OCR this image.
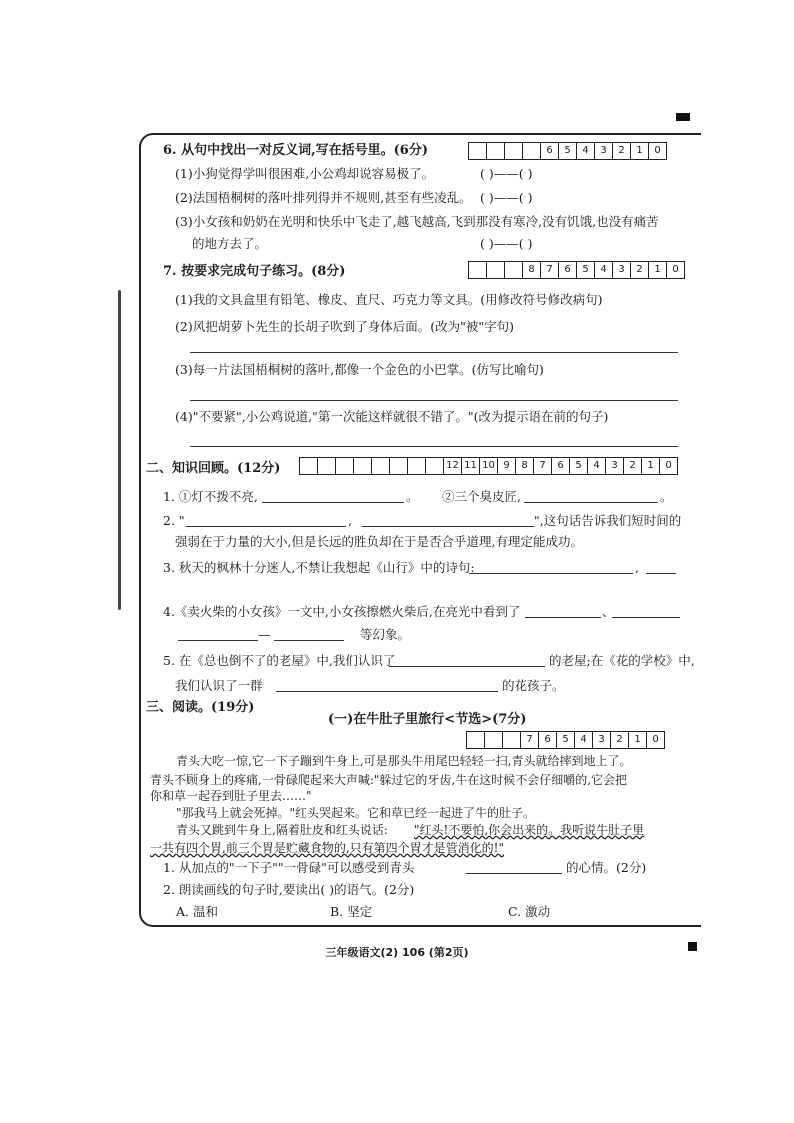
6. 从句中找出一对反义词,写在括号里。(6分)	6	5	4	3	2	1	0
(1)小狗觉得学叫很困难,小公鸡却说容易极了。	( )——( )
(2)法国梧桐树的落叶排列得并不规则,甚至有些凌乱。 ( )——( )
(3)小女孩和奶奶在光明和快乐中飞走了,越飞越高,飞到那没有寒冷,没有饥饿,也没有痛苦
的地方去了。	( )——( )
7. 按要求完成句子练习。(8分)	8	7	6	5	4	3	2	1	0
(1)我的文具盒里有铅笔、橡皮、直尺、巧克力等文具。(用修改符号修改病句)
(2)风把胡萝卜先生的长胡子吹到了身体后面。(改为"被"字句)
(3)每一片法国梧桐树的落叶,都像一个金色的小巴掌。(仿写比喻句)
(4)"不要紧",小公鸡说道,"第一次能这样就很不错了。"(改为提示语在前的句子)
二、知识回顾。(12分)	12 11 10 9	8	7	6	5	4	3	2	1	0
1. ①灯不拨不亮,	。 ②三个臭皮匠,	。
2. "	,	",这句话告诉我们短时间的
强弱在于力量的大小,但是长远的胜负却在于是否合乎道理,有理定能成功。
3. 秋天的枫林十分迷人,不禁让我想起《山行》中的诗句:	,
4.《卖火柴的小女孩》一文中,小女孩擦燃火柴后,在亮光中看到了	、
—	等幻象。
5. 在《总也倒不了的老屋》中,我们认识了	的老屋;在《花的学校》中,
我们认识了一群	的花孩子。
三、阅读。(19分)
(一)在牛肚子里旅行<节选>(7分)
7	6	5	4	3	2	1	0
青头大吃一惊,它一下子蹦到牛身上,可是那头牛用尾巴轻轻一扫,青头就给摔到地上了。
青头不顾身上的疼痛,一骨碌爬起来大声喊:"躲过它的牙齿,牛在这时候不会仔细嚼的,它会把
你和草一起吞到肚子里去……"
"那我马上就会死掉。"红头哭起来。它和草已经一起进了牛的肚子。
青头又跳到牛身上,隔着肚皮和红头说话: "红头!不要怕,你会出来的。我听说牛肚子里
一共有四个胃,前三个胃是贮藏食物的,只有第四个胃才是管消化的!"
1. 从加点的"一下子""一骨碌"可以感受到青头	的心情。(2分)
2. 朗读画线的句子时,要读出( )的语气。(2分)
A. 温和	B. 坚定	C. 激动
三年级语文(2) 106 (第2页)
